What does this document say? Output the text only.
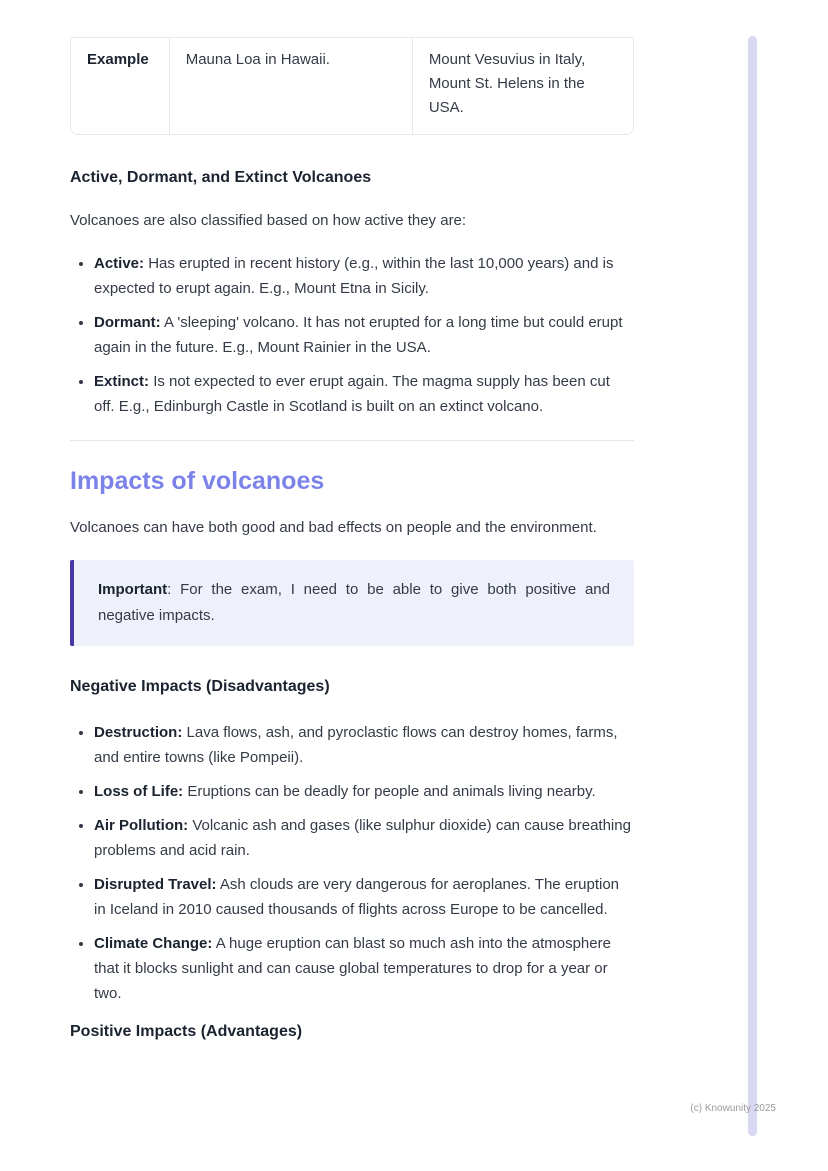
Example	Mauna Loa in Hawaii.	Mount Vesuvius in Italy, Mount St. Helens in the USA.
Active, Dormant, and Extinct Volcanoes

Volcanoes are also classified based on how active they are:

• Active: Has erupted in recent history (e.g., within the last 10,000 years) and is expected to erupt again. E.g., Mount Etna in Sicily.
• Dormant: A 'sleeping' volcano. It has not erupted for a long time but could erupt again in the future. E.g., Mount Rainier in the USA.
• Extinct: Is not expected to ever erupt again. The magma supply has been cut off. E.g., Edinburgh Castle in Scotland is built on an extinct volcano.
Impacts of volcanoes

Volcanoes can have both good and bad effects on people and the environment.

Important: For the exam, I need to be able to give both positive and negative impacts.

Negative Impacts (Disadvantages)
• Destruction: Lava flows, ash, and pyroclastic flows can destroy homes, farms, and entire towns (like Pompeii).
• Loss of Life: Eruptions can be deadly for people and animals living nearby.
• Air Pollution: Volcanic ash and gases (like sulphur dioxide) can cause breathing problems and acid rain.
• Disrupted Travel: Ash clouds are very dangerous for aeroplanes. The eruption in Iceland in 2010 caused thousands of flights across Europe to be cancelled.
• Climate Change: A huge eruption can blast so much ash into the atmosphere that it blocks sunlight and can cause global temperatures to drop for a year or two.
Positive Impacts (Advantages)
(c) Knowunity 2025
